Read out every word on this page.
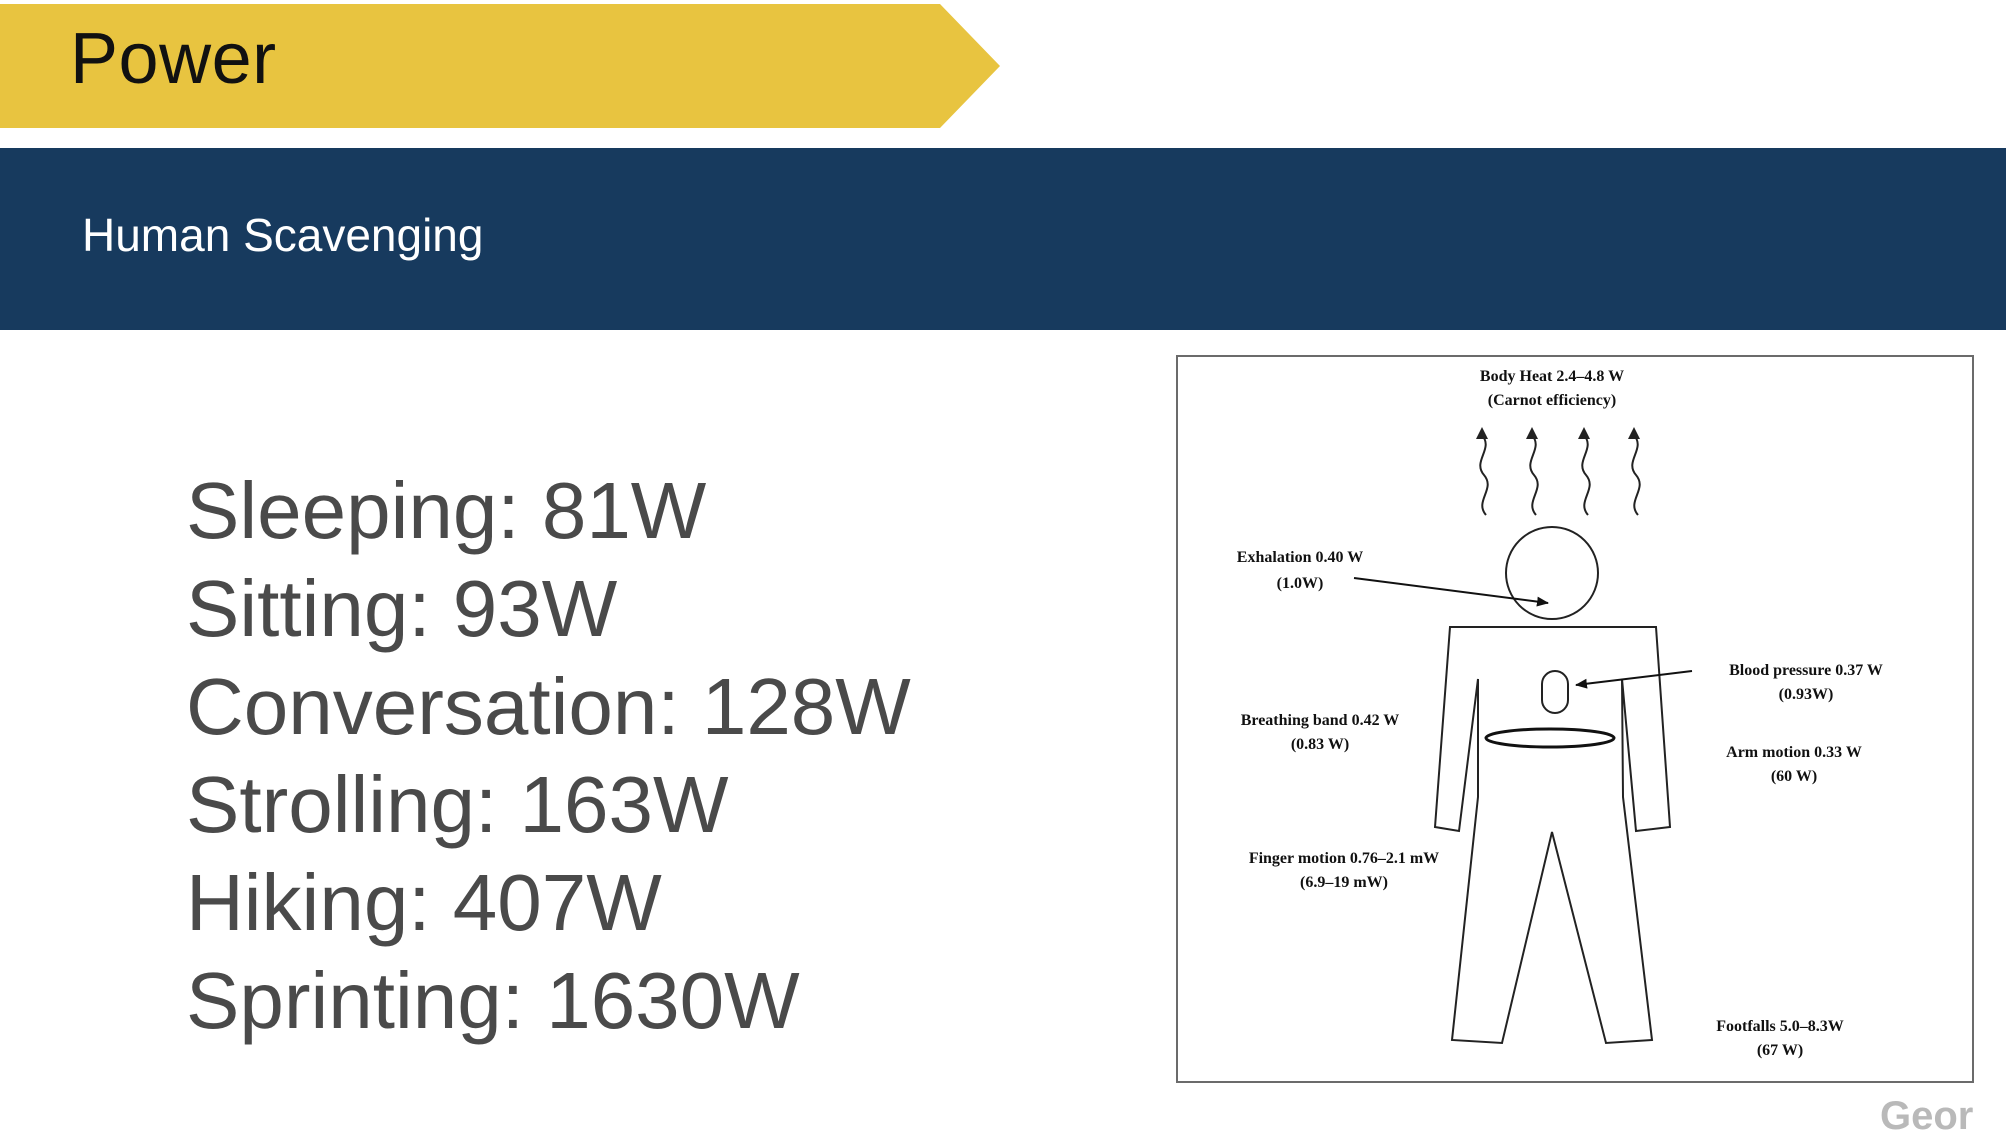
Power
Human Scavenging
Sleeping: 81W
Sitting: 93W
Conversation: 128W
Strolling: 163W
Hiking: 407W
Sprinting: 1630W
Body Heat 2.4–4.8 W
(Carnot efficiency)
Exhalation 0.40 W
(1.0W)
Blood pressure 0.37 W
(0.93W)
Breathing band 0.42 W
(0.83 W)	Arm motion 0.33 W
(60 W)
Finger motion 0.76–2.1 mW
(6.9–19 mW)
Footfalls 5.0–8.3W
(67 W)
Geor
